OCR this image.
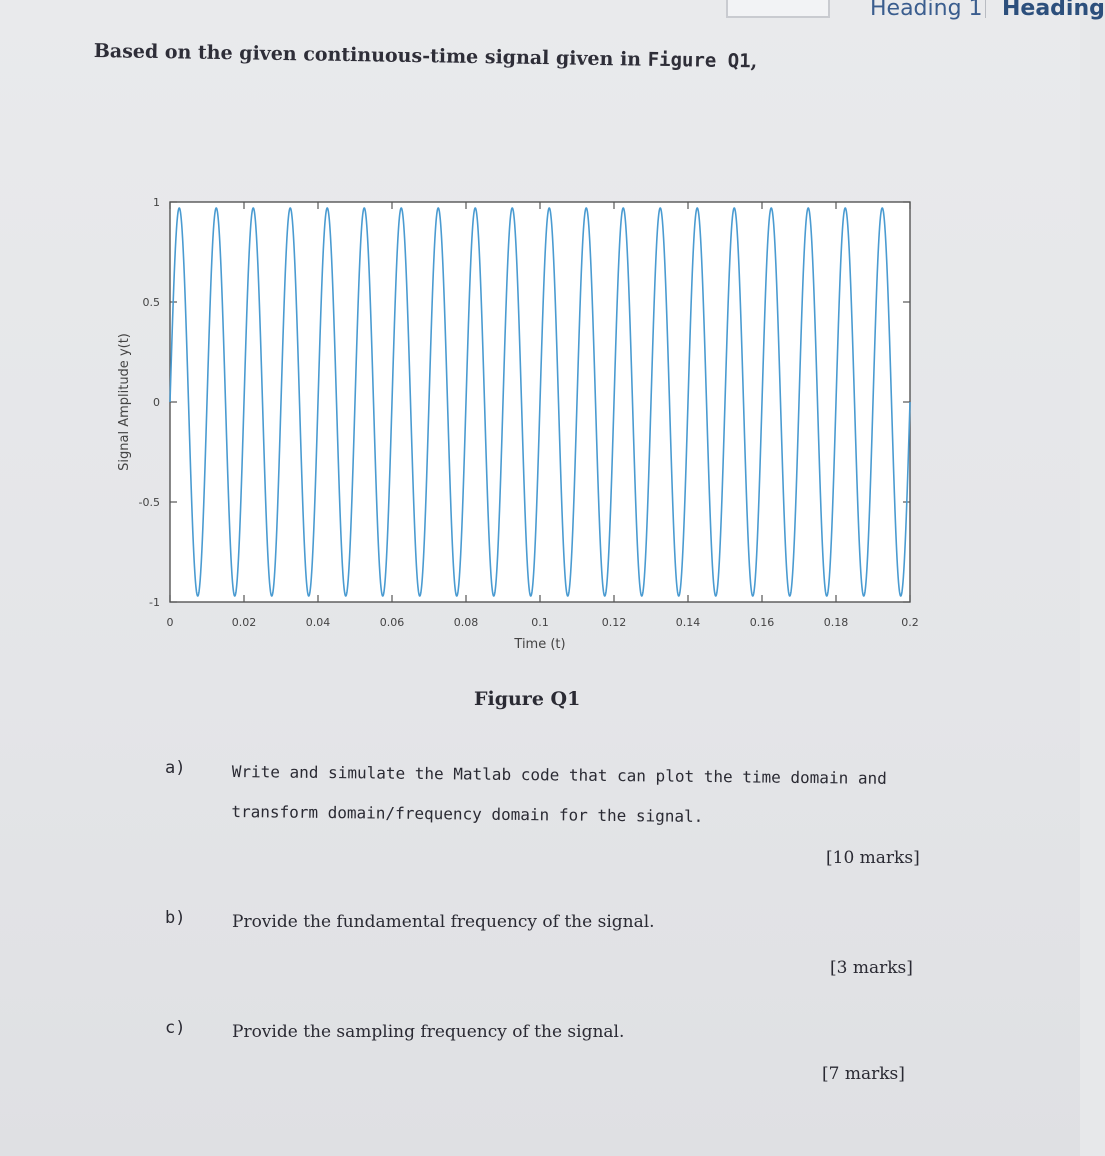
Heading 1 Heading
Based on the given continuous-time signal given in Figure Q1,
0	0.02	0.04	0.06	0.08	0.1	0.12	0.14	0.16	0.18	0.2
1
0.5
0
-0.5
-1
Time (t)
Signal Amplitude y(t)
Figure Q1
a)	Write and simulate the Matlab code that can plot the time domain and transform domain/frequency domain for the signal.
[10 marks]
b)	Provide the fundamental frequency of the signal.
[3 marks]
c)	Provide the sampling frequency of the signal.
[7 marks]
